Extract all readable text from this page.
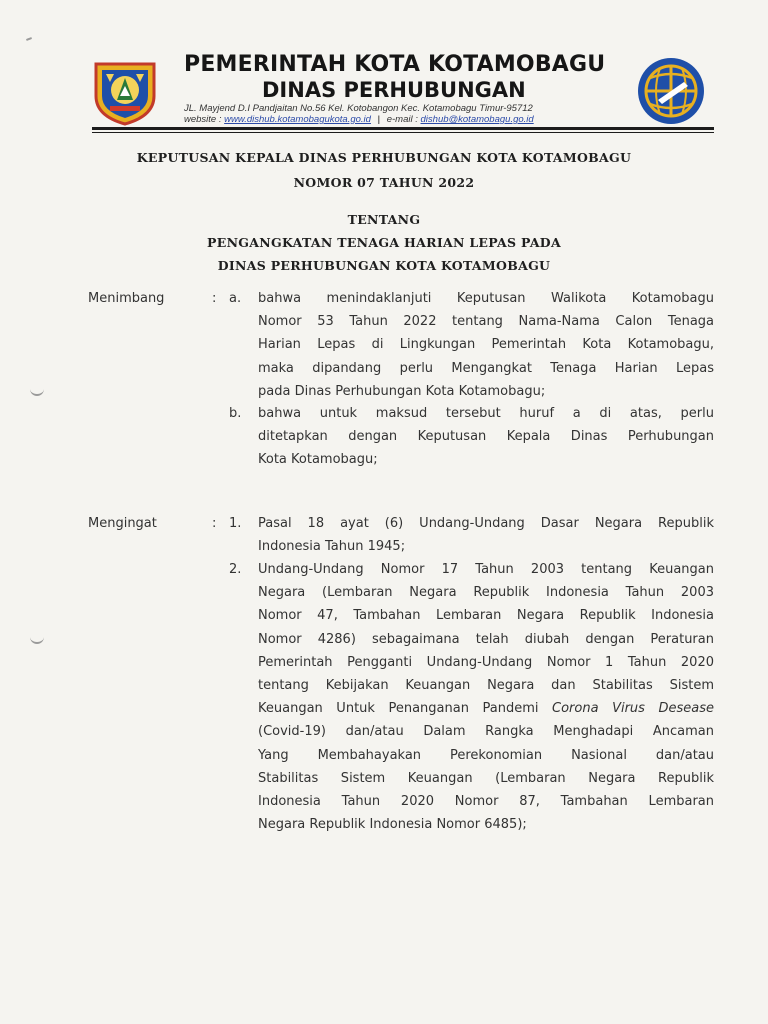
PEMERINTAH KOTA KOTAMOBAGU
DINAS PERHUBUNGAN
JL. Mayjend D.I Pandjaitan No.56 Kel. Kotobangon Kec. Kotamobagu Timur-95712
website : www.dishub.kotamobagukota.go.id | e-mail : dishub@kotamobagu.go.id
KEPUTUSAN KEPALA DINAS PERHUBUNGAN KOTA KOTAMOBAGU
NOMOR 07 TAHUN 2022
TENTANG
PENGANGKATAN TENAGA HARIAN LEPAS PADA
DINAS PERHUBUNGAN KOTA KOTAMOBAGU
Menimbang	: a. bahwa menindaklanjuti Keputusan Walikota Kotamobagu
Nomor 53 Tahun 2022 tentang Nama-Nama Calon Tenaga
Harian Lepas di Lingkungan Pemerintah Kota Kotamobagu,
maka dipandang perlu Mengangkat Tenaga Harian Lepas
pada Dinas Perhubungan Kota Kotamobagu;
b. bahwa untuk maksud tersebut huruf a di atas, perlu
ditetapkan dengan Keputusan Kepala Dinas Perhubungan
Kota Kotamobagu;
Mengingat	: 1. Pasal 18 ayat (6) Undang-Undang Dasar Negara Republik
Indonesia Tahun 1945;
2. Undang-Undang Nomor 17 Tahun 2003 tentang Keuangan
Negara (Lembaran Negara Republik Indonesia Tahun 2003
Nomor 47, Tambahan Lembaran Negara Republik Indonesia
Nomor 4286) sebagaimana telah diubah dengan Peraturan
Pemerintah Pengganti Undang-Undang Nomor 1 Tahun 2020
tentang Kebijakan Keuangan Negara dan Stabilitas Sistem
Keuangan Untuk Penanganan Pandemi Corona Virus Desease
(Covid-19) dan/atau Dalam Rangka Menghadapi Ancaman
Yang Membahayakan Perekonomian Nasional dan/atau
Stabilitas Sistem Keuangan (Lembaran Negara Republik
Indonesia Tahun 2020 Nomor 87, Tambahan Lembaran
Negara Republik Indonesia Nomor 6485);
